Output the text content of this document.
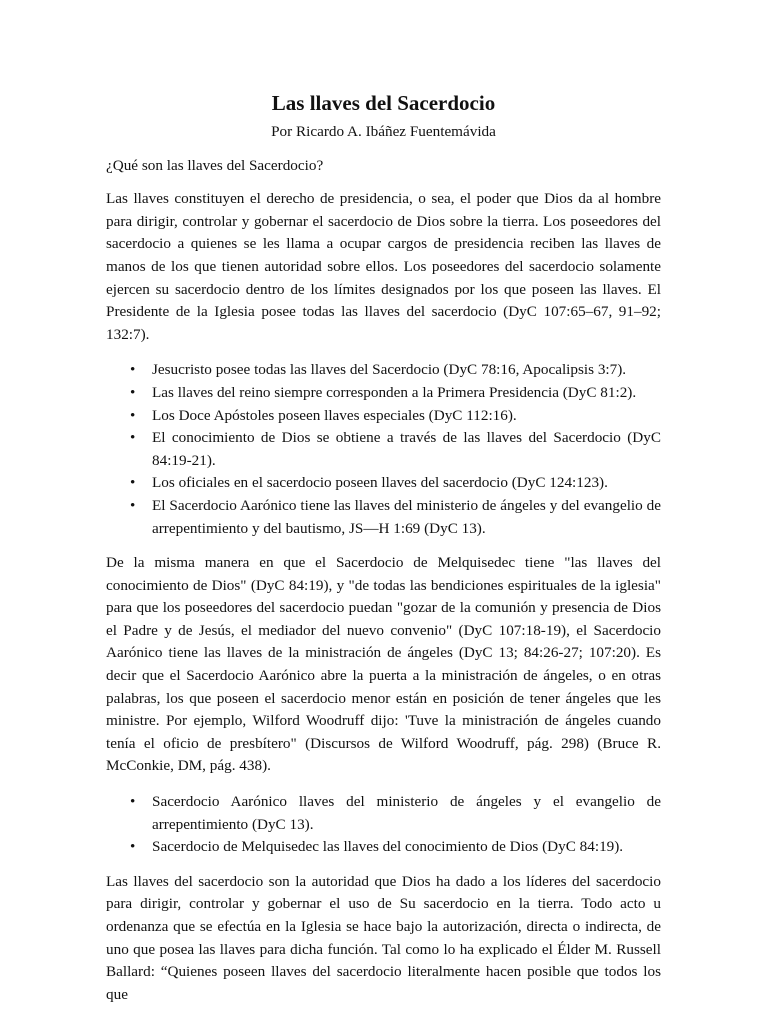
Las llaves del Sacerdocio
Por Ricardo A. Ibáñez Fuentemávida

¿Qué son las llaves del Sacerdocio?

Las llaves constituyen el derecho de presidencia, o sea, el poder que Dios da al hombre para dirigir, controlar y gobernar el sacerdocio de Dios sobre la tierra. Los poseedores del sacerdocio a quienes se les llama a ocupar cargos de presidencia reciben las llaves de manos de los que tienen autoridad sobre ellos. Los poseedores del sacerdocio solamente ejercen su sacerdocio dentro de los límites designados por los que poseen las llaves. El Presidente de la Iglesia posee todas las llaves del sacerdocio (DyC 107:65–67, 91–92; 132:7).

•	Jesucristo posee todas las llaves del Sacerdocio (DyC 78:16, Apocalipsis 3:7).
•	Las llaves del reino siempre corresponden a la Primera Presidencia (DyC 81:2).
•	Los Doce Apóstoles poseen llaves especiales (DyC 112:16).
•	El conocimiento de Dios se obtiene a través de las llaves del Sacerdocio (DyC 84:19-21).
•	Los oficiales en el sacerdocio poseen llaves del sacerdocio (DyC 124:123).
•	El Sacerdocio Aarónico tiene las llaves del ministerio de ángeles y del evangelio de arrepentimiento y del bautismo, JS—H 1:69 (DyC 13).

De la misma manera en que el Sacerdocio de Melquisedec tiene "las llaves del conocimiento de Dios" (DyC 84:19), y "de todas las bendiciones espirituales de la iglesia" para que los poseedores del sacerdocio puedan "gozar de la comunión y presencia de Dios el Padre y de Jesús, el mediador del nuevo convenio" (DyC 107:18-19), el Sacerdocio Aarónico tiene las llaves de la ministración de ángeles (DyC 13; 84:26-27; 107:20). Es decir que el Sacerdocio Aarónico abre la puerta a la ministración de ángeles, o en otras palabras, los que poseen el sacerdocio menor están en posición de tener ángeles que les ministre. Por ejemplo, Wilford Woodruff dijo: 'Tuve la ministración de ángeles cuando tenía el oficio de presbítero" (Discursos de Wilford Woodruff, pág. 298) (Bruce R. McConkie, DM, pág. 438).

•	Sacerdocio Aarónico llaves del ministerio de ángeles y el evangelio de arrepentimiento (DyC 13).
•	Sacerdocio de Melquisedec las llaves del conocimiento de Dios (DyC 84:19).

Las llaves del sacerdocio son la autoridad que Dios ha dado a los líderes del sacerdocio para dirigir, controlar y gobernar el uso de Su sacerdocio en la tierra. Todo acto u ordenanza que se efectúa en la Iglesia se hace bajo la autorización, directa o indirecta, de uno que posea las llaves para dicha función. Tal como lo ha explicado el Élder M. Russell Ballard: “Quienes poseen llaves del sacerdocio literalmente hacen posible que todos los que
